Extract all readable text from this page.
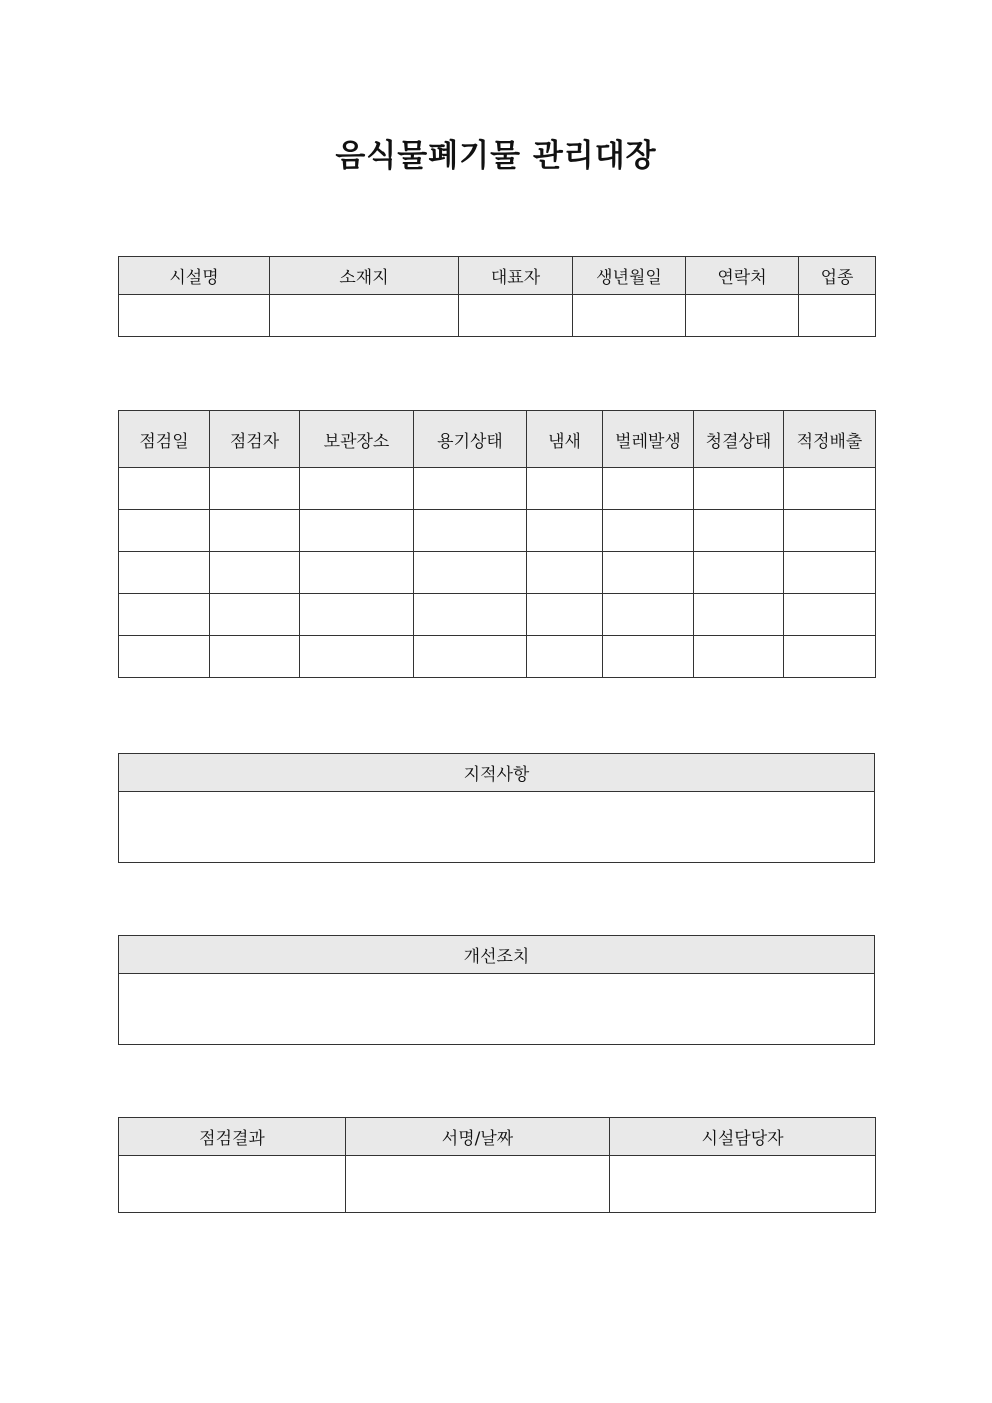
음식물폐기물 관리대장
시설명	소재지	대표자	생년월일	연락처	업종

점검일	점검자	보관장소	용기상태	냄새	벌레발생	청결상태	적정배출

지적사항

개선조치

점검결과	서명/날짜	시설담당자
